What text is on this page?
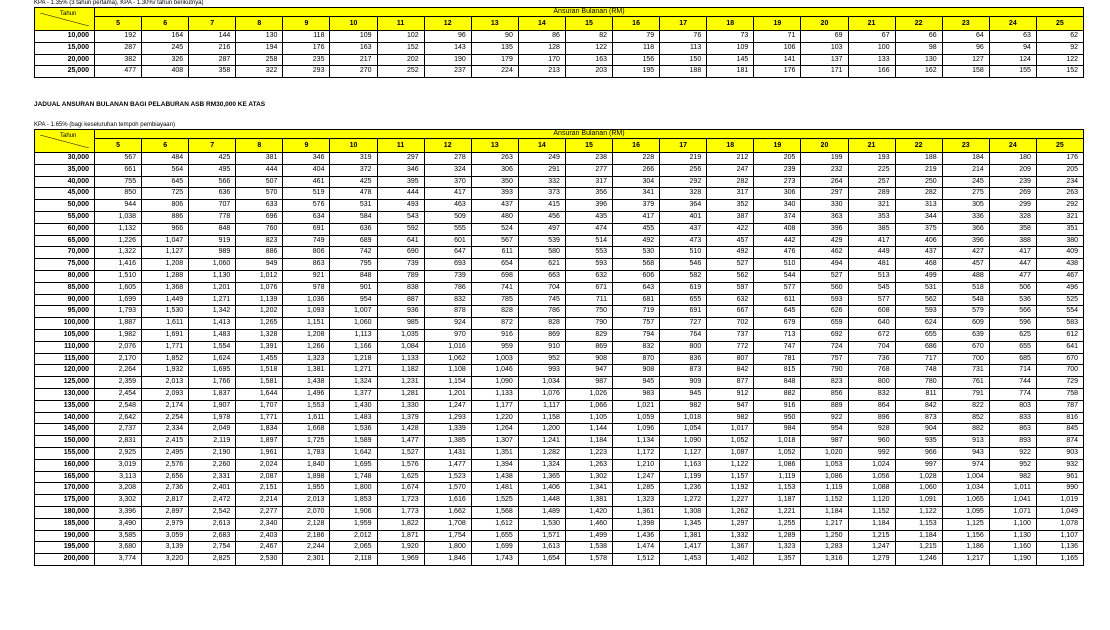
KPA - 1.35% (3 tahun pertama), KPA - 1.30%/ tahun berikutnya)
Tahun	Ansuran Bulanan (RM)																				
	5	6	7	8	9	10	11	12	13	14	15	16	17	18	19	20	21	22	23	24	25
10,000	192	164	144	130	118	109	102	96	90	86	82	79	76	73	71	69	67	66	64	63	62
15,000	287	245	216	194	176	163	152	143	135	128	122	118	113	109	106	103	100	98	96	94	92
20,000	382	326	287	258	235	217	202	190	179	170	163	156	150	145	141	137	133	130	127	124	122
25,000	477	408	358	322	293	270	252	237	224	213	203	195	188	181	176	171	166	162	158	155	152
JADUAL ANSURAN BULANAN BAGI PELABURAN ASB RM30,000 KE ATAS
KPA - 1.65% (bagi keseluruhan tempoh pembiayaan)
Tahun	Ansuran Bulanan (RM)																				
	5	6	7	8	9	10	11	12	13	14	15	16	17	18	19	20	21	22	23	24	25
30,000	567	484	425	381	346	319	297	278	263	249	238	228	219	212	205	199	193	188	184	180	176
35,000	661	564	495	444	404	372	346	324	306	291	277	266	256	247	239	232	225	219	214	209	205
40,000	755	645	566	507	461	425	395	370	350	332	317	304	292	282	273	264	257	250	245	239	234
45,000	850	725	636	570	519	478	444	417	393	373	356	341	328	317	306	297	289	282	275	269	263
50,000	944	806	707	633	576	531	493	463	437	415	396	379	364	352	340	330	321	313	305	299	292
55,000	1,038	886	778	696	634	584	543	509	480	456	435	417	401	387	374	363	353	344	336	328	321
60,000	1,132	966	848	760	691	636	592	555	524	497	474	455	437	422	408	396	385	375	366	358	351
65,000	1,226	1,047	919	823	749	689	641	601	567	539	514	492	473	457	442	429	417	406	396	388	380
70,000	1,322	1,127	989	886	806	742	690	647	611	580	553	530	510	492	476	462	449	437	427	417	409
75,000	1,416	1,208	1,060	949	863	795	739	693	654	621	593	568	546	527	510	494	481	468	457	447	438
80,000	1,510	1,288	1,130	1,012	921	848	789	739	698	663	632	606	582	562	544	527	513	499	488	477	467
85,000	1,605	1,368	1,201	1,076	978	901	838	786	741	704	671	643	619	597	577	560	545	531	518	506	496
90,000	1,699	1,449	1,271	1,139	1,036	954	887	832	785	745	711	681	655	632	611	593	577	562	548	536	525
95,000	1,793	1,530	1,342	1,202	1,093	1,007	936	878	828	786	750	719	691	667	645	626	608	593	579	566	554
100,000	1,887	1,611	1,413	1,265	1,151	1,060	985	924	872	828	790	757	727	702	679	659	640	624	609	596	583
105,000	1,982	1,691	1,483	1,328	1,208	1,113	1,035	970	916	869	829	794	764	737	713	692	672	655	639	625	612
110,000	2,076	1,771	1,554	1,391	1,266	1,166	1,084	1,016	959	910	869	832	800	772	747	724	704	686	670	655	641
115,000	2,170	1,852	1,624	1,455	1,323	1,218	1,133	1,062	1,003	952	908	870	836	807	781	757	736	717	700	685	670
120,000	2,264	1,932	1,695	1,518	1,381	1,271	1,182	1,108	1,046	993	947	908	873	842	815	790	768	748	731	714	700
125,000	2,359	2,013	1,766	1,581	1,438	1,324	1,231	1,154	1,090	1,034	987	945	909	877	848	823	800	780	761	744	729
130,000	2,454	2,093	1,837	1,644	1,496	1,377	1,281	1,201	1,133	1,076	1,026	983	945	912	882	856	832	811	791	774	758
135,000	2,548	2,174	1,907	1,707	1,553	1,430	1,330	1,247	1,177	1,117	1,066	1,021	982	947	916	889	864	842	822	803	787
140,000	2,642	2,254	1,978	1,771	1,611	1,483	1,379	1,293	1,220	1,158	1,105	1,059	1,018	982	950	922	896	873	852	833	816
145,000	2,737	2,334	2,049	1,834	1,668	1,536	1,428	1,339	1,264	1,200	1,144	1,096	1,054	1,017	984	954	928	904	882	863	845
150,000	2,831	2,415	2,119	1,897	1,725	1,589	1,477	1,385	1,307	1,241	1,184	1,134	1,090	1,052	1,018	987	960	935	913	893	874
155,000	2,925	2,495	2,190	1,961	1,783	1,642	1,527	1,431	1,351	1,282	1,223	1,172	1,127	1,087	1,052	1,020	992	966	943	922	903
160,000	3,019	2,576	2,260	2,024	1,840	1,695	1,576	1,477	1,394	1,324	1,263	1,210	1,163	1,122	1,086	1,053	1,024	997	974	952	932
165,000	3,113	2,656	2,331	2,087	1,898	1,748	1,625	1,523	1,438	1,365	1,302	1,247	1,199	1,157	1,119	1,086	1,056	1,028	1,004	982	961
170,000	3,208	2,736	2,401	2,151	1,955	1,800	1,674	1,570	1,481	1,406	1,341	1,285	1,236	1,192	1,153	1,119	1,088	1,060	1,034	1,011	990
175,000	3,302	2,817	2,472	2,214	2,013	1,853	1,723	1,616	1,525	1,448	1,381	1,323	1,272	1,227	1,187	1,152	1,120	1,091	1,065	1,041	1,019
180,000	3,396	2,897	2,542	2,277	2,070	1,906	1,773	1,662	1,568	1,489	1,420	1,361	1,308	1,262	1,221	1,184	1,152	1,122	1,095	1,071	1,049
185,000	3,490	2,979	2,613	2,340	2,128	1,959	1,822	1,708	1,612	1,530	1,460	1,398	1,345	1,297	1,255	1,217	1,184	1,153	1,125	1,100	1,078
190,000	3,585	3,059	2,683	2,403	2,186	2,012	1,871	1,754	1,655	1,571	1,499	1,436	1,381	1,332	1,289	1,250	1,215	1,184	1,156	1,130	1,107
195,000	3,680	3,139	2,754	2,467	2,244	2,065	1,920	1,800	1,699	1,613	1,538	1,474	1,417	1,367	1,323	1,283	1,247	1,215	1,186	1,160	1,136
200,000	3,774	3,220	2,825	2,530	2,301	2,118	1,969	1,846	1,743	1,654	1,578	1,512	1,453	1,402	1,357	1,316	1,279	1,246	1,217	1,190	1,165
